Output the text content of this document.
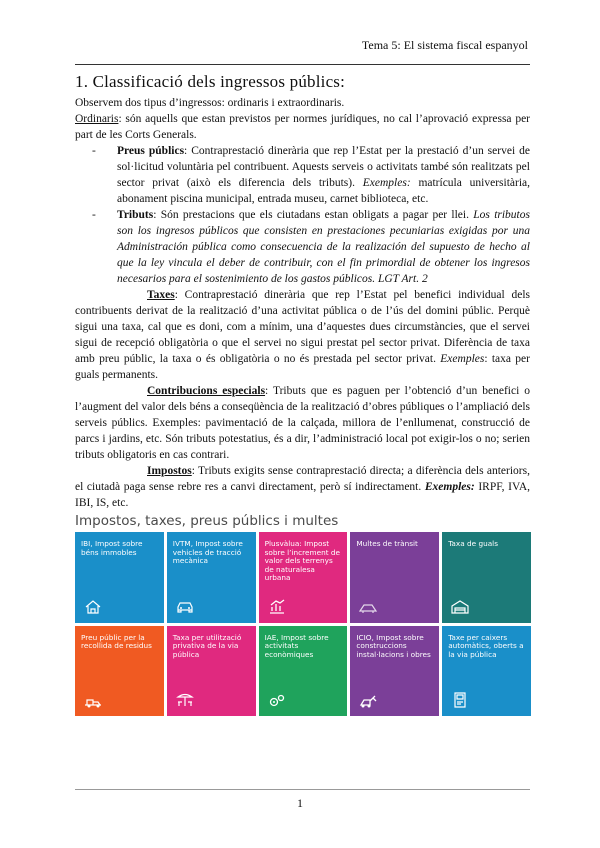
Tema 5: El sistema fiscal espanyol
1. Classificació dels ingressos públics:

Observem dos tipus d’ingressos: ordinaris i extraordinaris.

Ordinaris: són aquells que estan previstos per normes jurídiques, no cal l’aprovació expressa per part de les Corts Generals.

- Preus públics: Contraprestació dinerària que rep l’Estat per la prestació d’un servei de sol·licitud voluntària pel contribuent. Aquests serveis o activitats també són realitzats pel sector privat (això els diferencia dels tributs). Exemples: matrícula universitària, abonament piscina municipal, entrada museu, carnet biblioteca, etc.

- Tributs: Són prestacions que els ciutadans estan obligats a pagar per llei. Los tributos son los ingresos públicos que consisten en prestaciones pecuniarias exigidas por una Administración pública como consecuencia de la realización del supuesto de hecho al que la ley vincula el deber de contribuir, con el fin primordial de obtener los ingresos necesarios para el sostenimiento de los gastos públicos. LGT Art. 2

Taxes: Contraprestació dinerària que rep l’Estat pel benefici individual dels contribuents derivat de la realització d’una activitat pública o de l’ús del domini públic. Perquè sigui una taxa, cal que es doni, com a mínim, una d’aquestes dues circumstàncies, que el servei sigui de recepció obligatòria o que el servei no sigui prestat pel sector privat. Diferència de taxa amb preu públic, la taxa o és obligatòria o no és prestada pel sector privat. Exemples: taxa per guals permanents.

Contribucions especials: Tributs que es paguen per l’obtenció d’un benefici o l’augment del valor dels béns a conseqüència de la realització d’obres públiques o l’ampliació dels serveis públics. Exemples: pavimentació de la calçada, millora de l’enllumenat, construcció de parcs i jardins, etc. Són tributs potestatius, és a dir, l’administració local pot exigir-los o no; serien tributs obligatoris en cas contrari.

Impostos: Tributs exigits sense contraprestació directa; a diferència dels anteriors, el ciutadà paga sense rebre res a canvi directament, però sí indirectament. Exemples: IRPF, IVA, IBI, IS, etc.

Impostos, taxes, preus públics i multes
IBI, Impost sobre béns immobles
IVTM, Impost sobre vehicles de tracció mecànica
Plusvàlua: Impost sobre l’increment de valor dels terrenys de naturalesa urbana
Multes de trànsit	Taxa de guals
Preu públic per la recollida de residus
Taxa per utilització privativa de la via pública
IAE, Impost sobre activitats econòmiques
ICIO, Impost sobre construccions instal·lacions i obres
Taxe per caixers automàtics, oberts a la via pública
1
